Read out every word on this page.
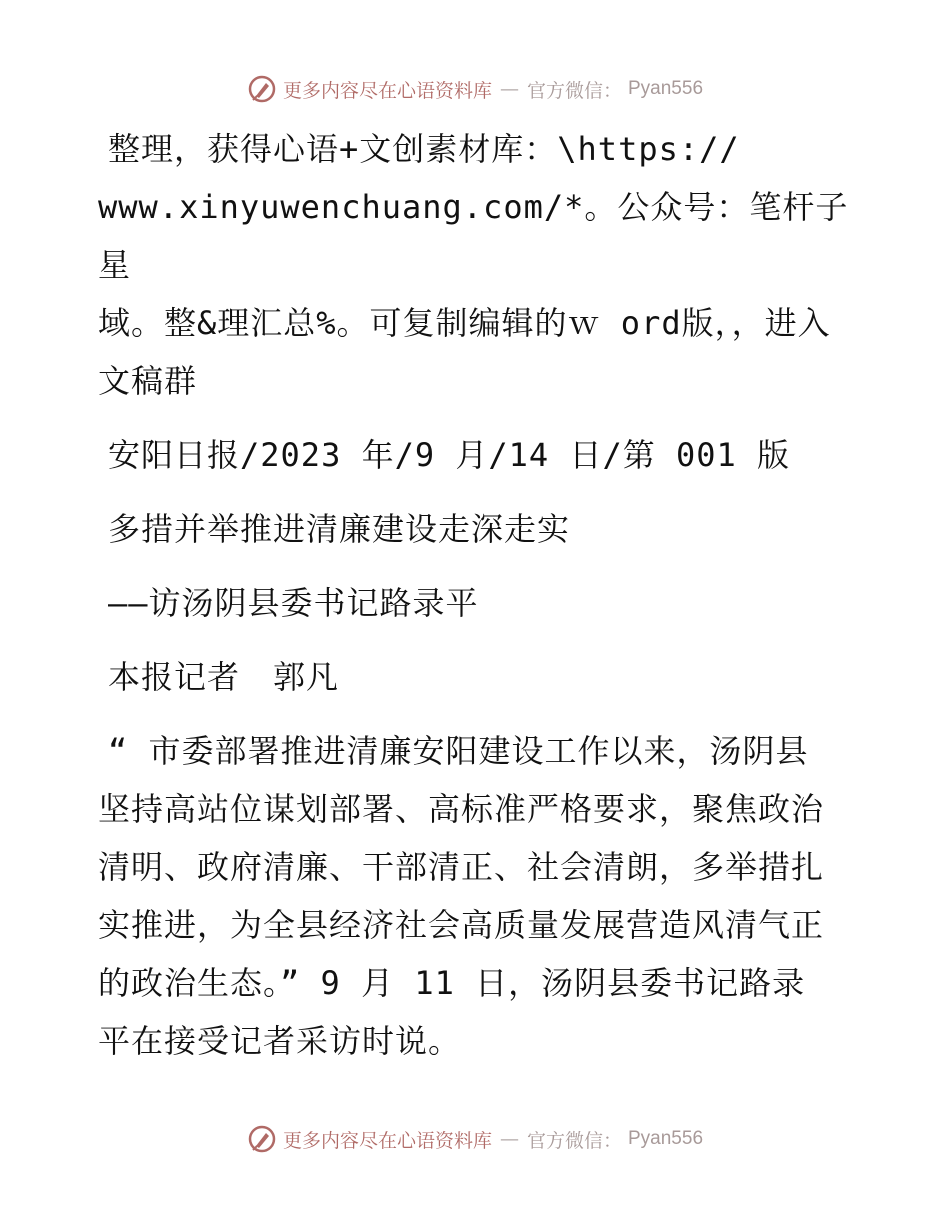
更多内容尽在心语资料库 — 官方微信： Pyan556

整理，获得心语+文创素材库：\https://

www.xinyuwenchuang.com/*。公众号：笔杆子星

域。整&理汇总%。可复制编辑的ｗ ord版，，进入

文稿群

安阳日报/2023 年/9 月/14 日/第 001 版

多措并举推进清廉建设走深走实

——访汤阴县委书记路录平

本报记者　郭凡

“ 市委部署推进清廉安阳建设工作以来，汤阴县

坚持高站位谋划部署、高标准严格要求，聚焦政治

清明、政府清廉、干部清正、社会清朗，多举措扎

实推进，为全县经济社会高质量发展营造风清气正

的政治生态。” 9 月 11 日，汤阴县委书记路录

平在接受记者采访时说。

更多内容尽在心语资料库 — 官方微信： Pyan556
